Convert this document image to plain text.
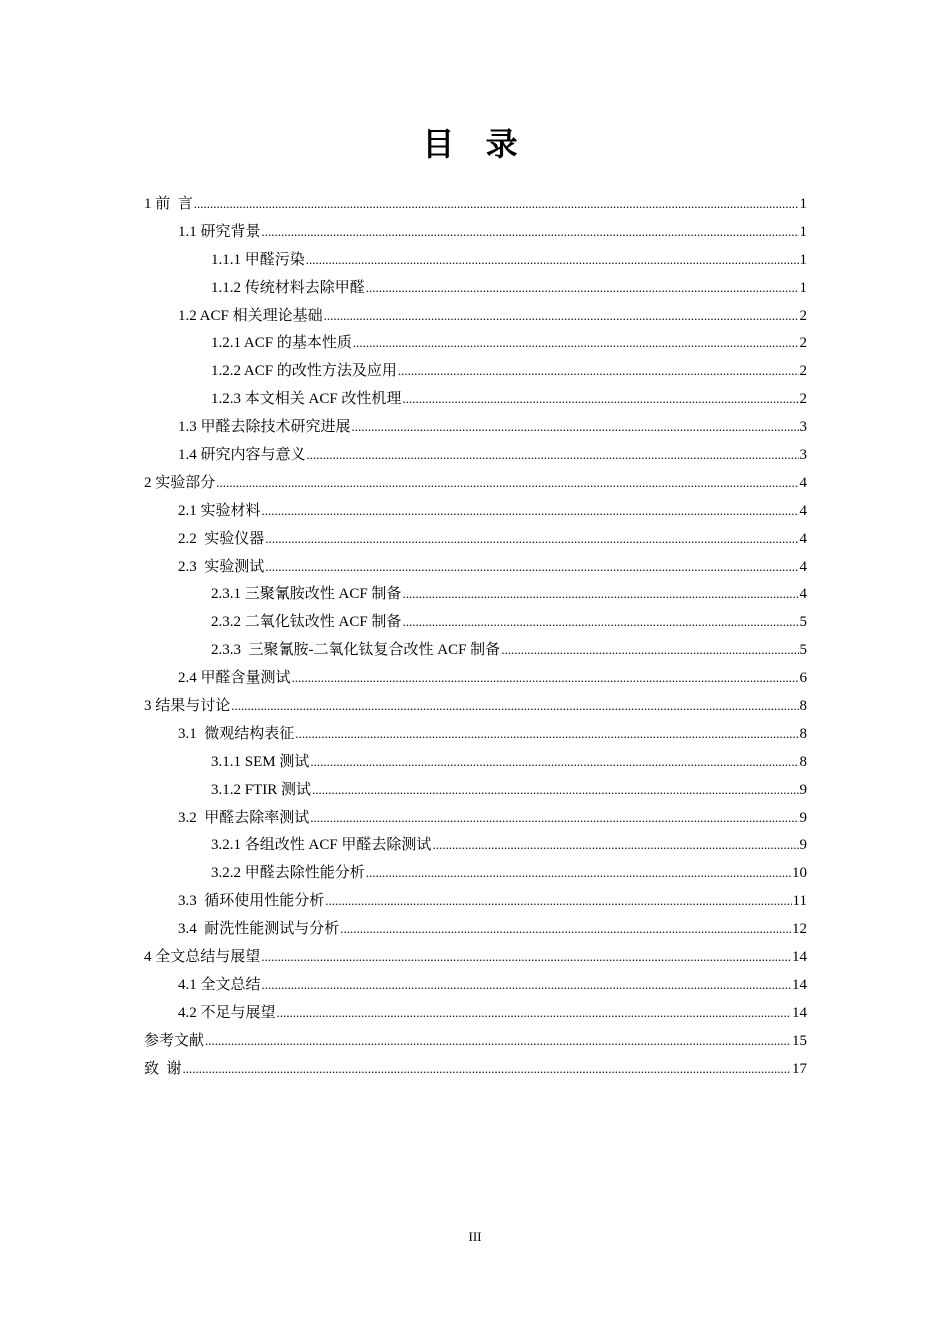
目 录
1 前  言 .....	1
1.1 研究背景 .....	1
1.1.1 甲醛污染 .....	1
1.1.2 传统材料去除甲醛 .....	1
1.2 ACF 相关理论基础 .....	2
1.2.1 ACF 的基本性质 .....	2
1.2.2 ACF 的改性方法及应用 .....	2
1.2.3 本文相关 ACF 改性机理 .....	2
1.3 甲醛去除技术研究进展 .....	3
1.4 研究内容与意义 .....	3
2 实验部分 .....	4
2.1 实验材料 .....	4
2.2  实验仪器 .....	4
2.3  实验测试 .....	4
2.3.1 三聚氰胺改性 ACF 制备 .....	4
2.3.2 二氧化钛改性 ACF 制备 .....	5
2.3.3  三聚氰胺-二氧化钛复合改性 ACF 制备 .....	5
2.4 甲醛含量测试 .....	6
3 结果与讨论 .....	8
3.1  微观结构表征 .....	8
3.1.1 SEM 测试 .....	8
3.1.2 FTIR 测试 .....	9
3.2  甲醛去除率测试 .....	9
3.2.1 各组改性 ACF 甲醛去除测试 .....	9
3.2.2 甲醛去除性能分析 .....	10
3.3  循环使用性能分析 .....	11
3.4  耐洗性能测试与分析 .....	12
4 全文总结与展望 .....	14
4.1 全文总结 .....	14
4.2 不足与展望 .....	14
参考文献 .....	15
致  谢 .....	17
III
